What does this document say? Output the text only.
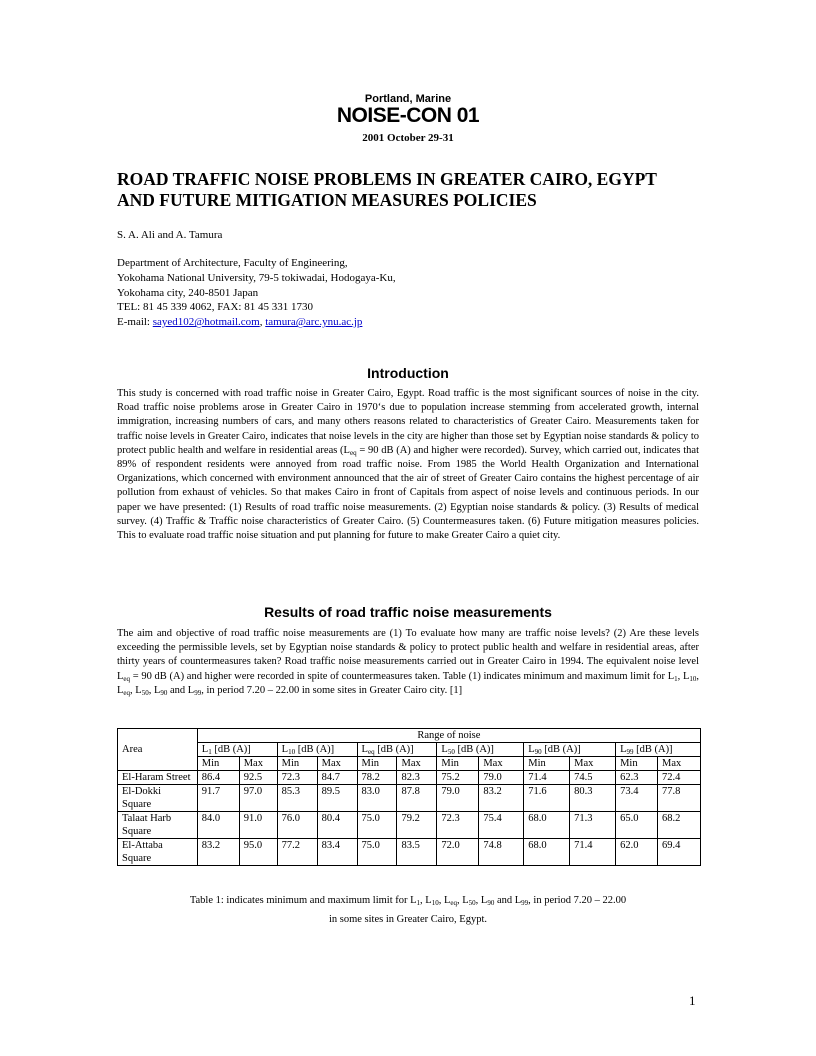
Portland, Marine
NOISE-CON 01
2001 October 29-31
ROAD TRAFFIC NOISE PROBLEMS IN GREATER CAIRO, EGYPT
AND FUTURE MITIGATION MEASURES POLICIES
S. A. Ali and A. Tamura
Department of Architecture, Faculty of Engineering,
Yokohama National University, 79-5 tokiwadai, Hodogaya-Ku,
Yokohama city, 240-8501 Japan
TEL: 81 45 339 4062, FAX: 81 45 331 1730
E-mail: sayed102@hotmail.com, tamura@arc.ynu.ac.jp
Introduction
This study is concerned with road traffic noise in Greater Cairo, Egypt. Road traffic is the most significant sources of noise in the city. Road traffic noise problems arose in Greater Cairo in 1970‘s due to population increase stemming from accelerated growth, internal immigration, increasing numbers of cars, and many others reasons related to characteristics of Greater Cairo. Measurements taken for traffic noise levels in Greater Cairo, indicates that noise levels in the city are higher than those set by Egyptian noise standards & policy to protect public health and welfare in residential areas ($L_{eq} = 90$ dB (A) and higher were recorded). Survey, which carried out, indicates that 89% of respondent residents were annoyed from road traffic noise. From 1985 the World Health Organization and International Organizations, which concerned with environment announced that the air of street of Greater Cairo contains the highest percentage of air pollution from exhaust of vehicles. So that makes Cairo in front of Capitals from aspect of noise levels and continuous periods. In our paper we have presented: (1) Results of road traffic noise measurements. (2) Egyptian noise standards & policy. (3) Results of medical survey. (4) Traffic & Traffic noise characteristics of Greater Cairo. (5) Countermeasures taken. (6) Future mitigation measures policies. This to evaluate road traffic noise situation and put planning for future to make Greater Cairo a quiet city.
Results of road traffic noise measurements
The aim and objective of road traffic noise measurements are (1) To evaluate how many are traffic noise levels? (2) Are these levels exceeding the permissible levels, set by Egyptian noise standards & policy to protect public health and welfare in residential areas, after thirty years of countermeasures taken? Road traffic noise measurements carried out in Greater Cairo in 1994. The equivalent noise level $L_{eq} = 90$ dB (A) and higher were recorded in spite of countermeasures taken. Table (1) indicates minimum and maximum limit for $L_1$, $L_{10}$, $L_{eq}$, $L_{50}$, $L_{90}$ and $L_{99}$, in period 7.20 – 22.00 in some sites in Greater Cairo city. [1]
Area	Range of noise											
	$L_1$ [dB (A)]		$L_{10}$ [dB (A)]		$L_{eq}$ [dB (A)]		$L_{50}$ [dB (A)]		$L_{90}$ [dB (A)]		$L_{99}$ [dB (A)]	
	Min	Max	Min	Max	Min	Max	Min	Max	Min	Max	Min	Max
El-Haram Street	86.4	92.5	72.3	84.7	78.2	82.3	75.2	79.0	71.4	74.5	62.3	72.4
El-Dokki Square	91.7	97.0	85.3	89.5	83.0	87.8	79.0	83.2	71.6	80.3	73.4	77.8
Talaat Harb Square	84.0	91.0	76.0	80.4	75.0	79.2	72.3	75.4	68.0	71.3	65.0	68.2
El-Attaba Square	83.2	95.0	77.2	83.4	75.0	83.5	72.0	74.8	68.0	71.4	62.0	69.4
Table 1: indicates minimum and maximum limit for $L_1$, $L_{10}$, $L_{eq}$, $L_{50}$, $L_{90}$ and $L_{99}$, in period 7.20 – 22.00
in some sites in Greater Cairo, Egypt.
1
